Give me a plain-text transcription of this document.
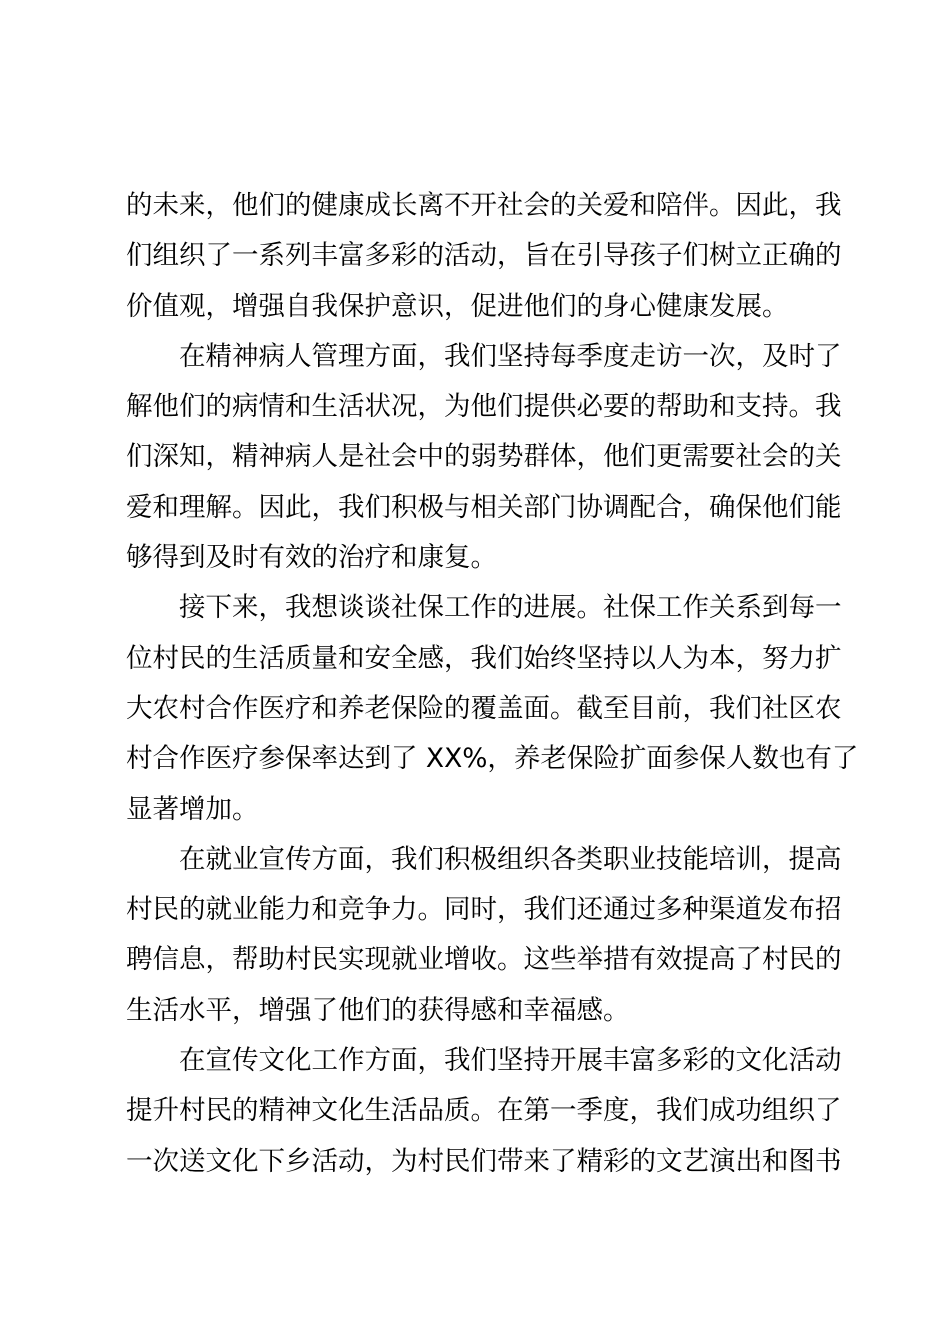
的未来，他们的健康成长离不开社会的关爱和陪伴。因此，我
们组织了一系列丰富多彩的活动，旨在引导孩子们树立正确的
价值观，增强自我保护意识，促进他们的身心健康发展。
在精神病人管理方面，我们坚持每季度走访一次，及时了
解他们的病情和生活状况，为他们提供必要的帮助和支持。我
们深知，精神病人是社会中的弱势群体，他们更需要社会的关
爱和理解。因此，我们积极与相关部门协调配合，确保他们能
够得到及时有效的治疗和康复。
接下来，我想谈谈社保工作的进展。社保工作关系到每一
位村民的生活质量和安全感，我们始终坚持以人为本，努力扩
大农村合作医疗和养老保险的覆盖面。截至目前，我们社区农
村合作医疗参保率达到了 XX%，养老保险扩面参保人数也有了
显著增加。
在就业宣传方面，我们积极组织各类职业技能培训，提高
村民的就业能力和竞争力。同时，我们还通过多种渠道发布招
聘信息，帮助村民实现就业增收。这些举措有效提高了村民的
生活水平，增强了他们的获得感和幸福感。
在宣传文化工作方面，我们坚持开展丰富多彩的文化活动
提升村民的精神文化生活品质。在第一季度，我们成功组织了
一次送文化下乡活动，为村民们带来了精彩的文艺演出和图书
